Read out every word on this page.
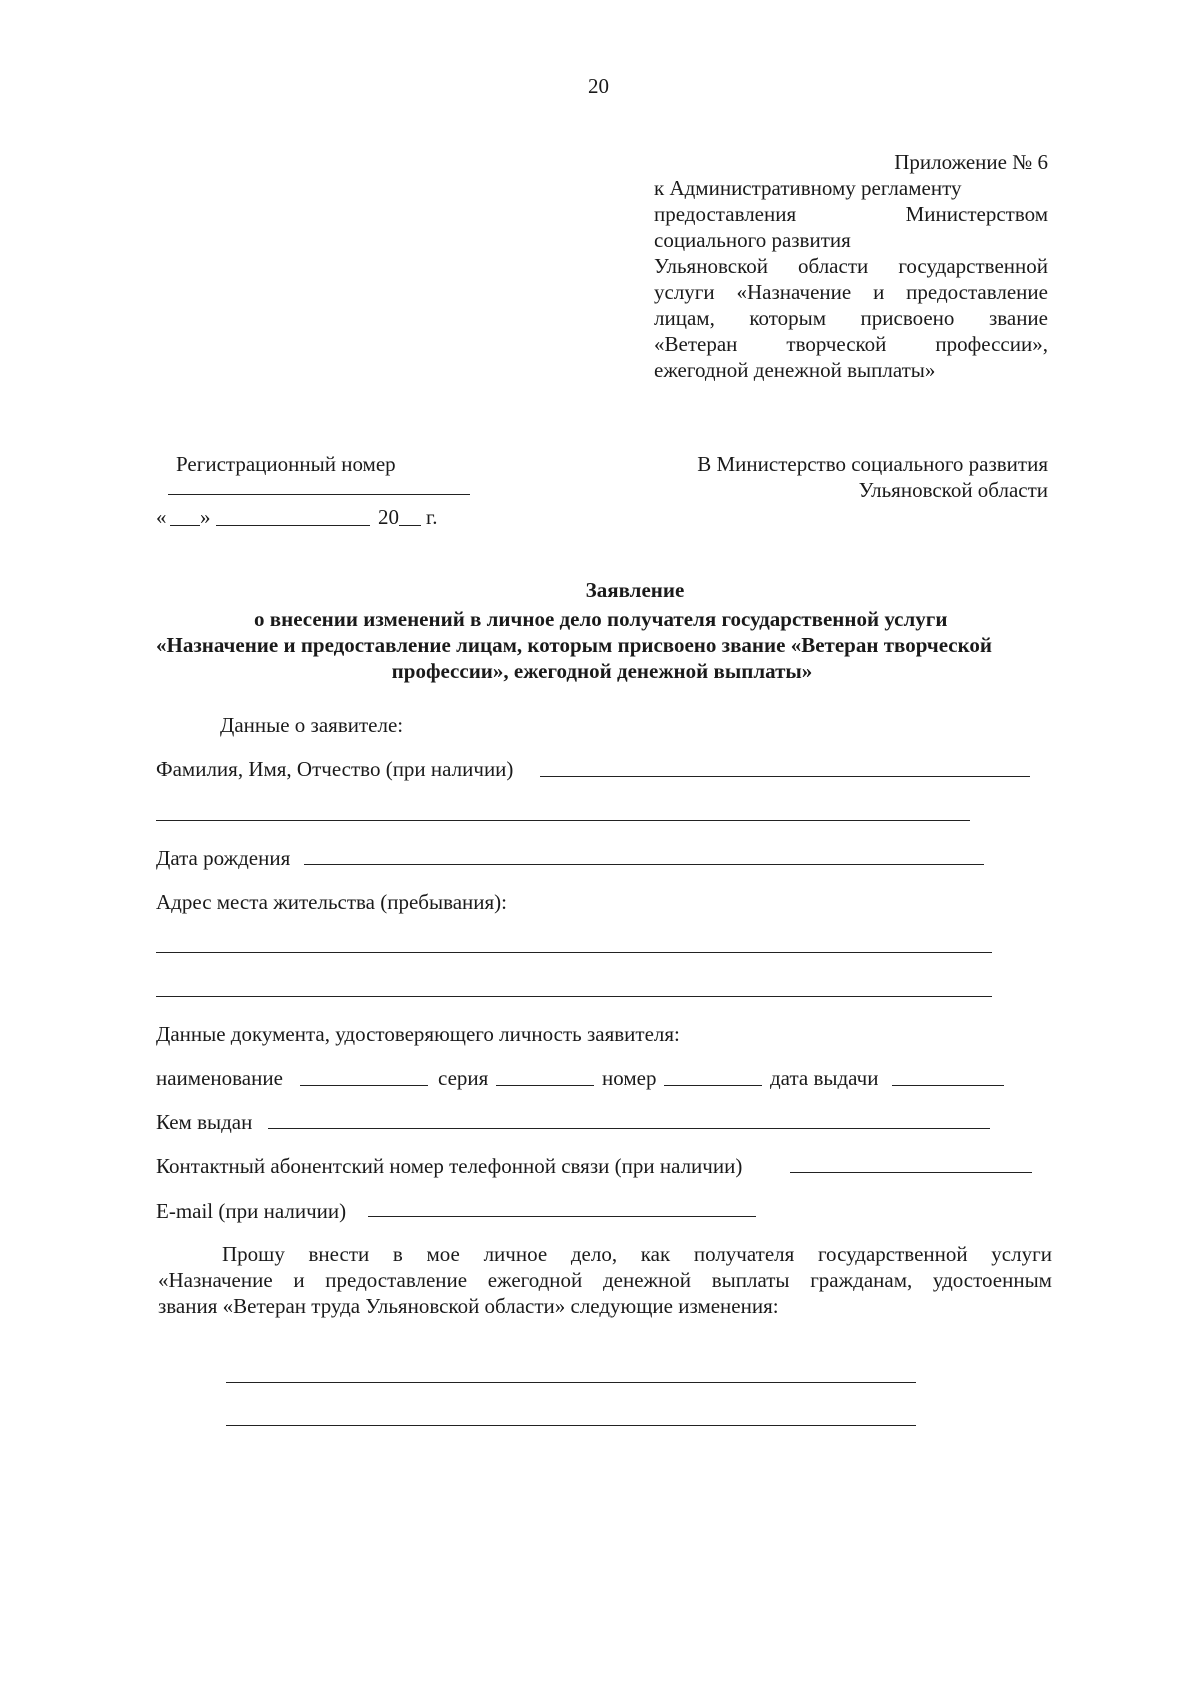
20
Приложение № 6
к Административному регламенту
предоставления	Министерством
социального развития
Ульяновской области государственной
услуги «Назначение и предоставление
лицам, которым присвоено звание
«Ветеран творческой профессии»,
ежегодной денежной выплаты»
Регистрационный номер
« »	20 г.
В Министерство социального развития
Ульяновской области
Заявление
о внесении изменений в личное дело получателя государственной услуги
«Назначение и предоставление лицам, которым присвоено звание «Ветеран творческой
профессии», ежегодной денежной выплаты»
Данные о заявителе:
Фамилия, Имя, Отчество (при наличии)
Дата рождения
Адрес места жительства (пребывания):
Данные документа, удостоверяющего личность заявителя:
наименование	серия	номер	дата выдачи
Кем выдан
Контактный абонентский номер телефонной связи (при наличии)
E-mail (при наличии)
Прошу внести в мое личное дело, как получателя государственной услуги
«Назначение и предоставление ежегодной денежной выплаты гражданам, удостоенным
звания «Ветеран труда Ульяновской области» следующие изменения:
